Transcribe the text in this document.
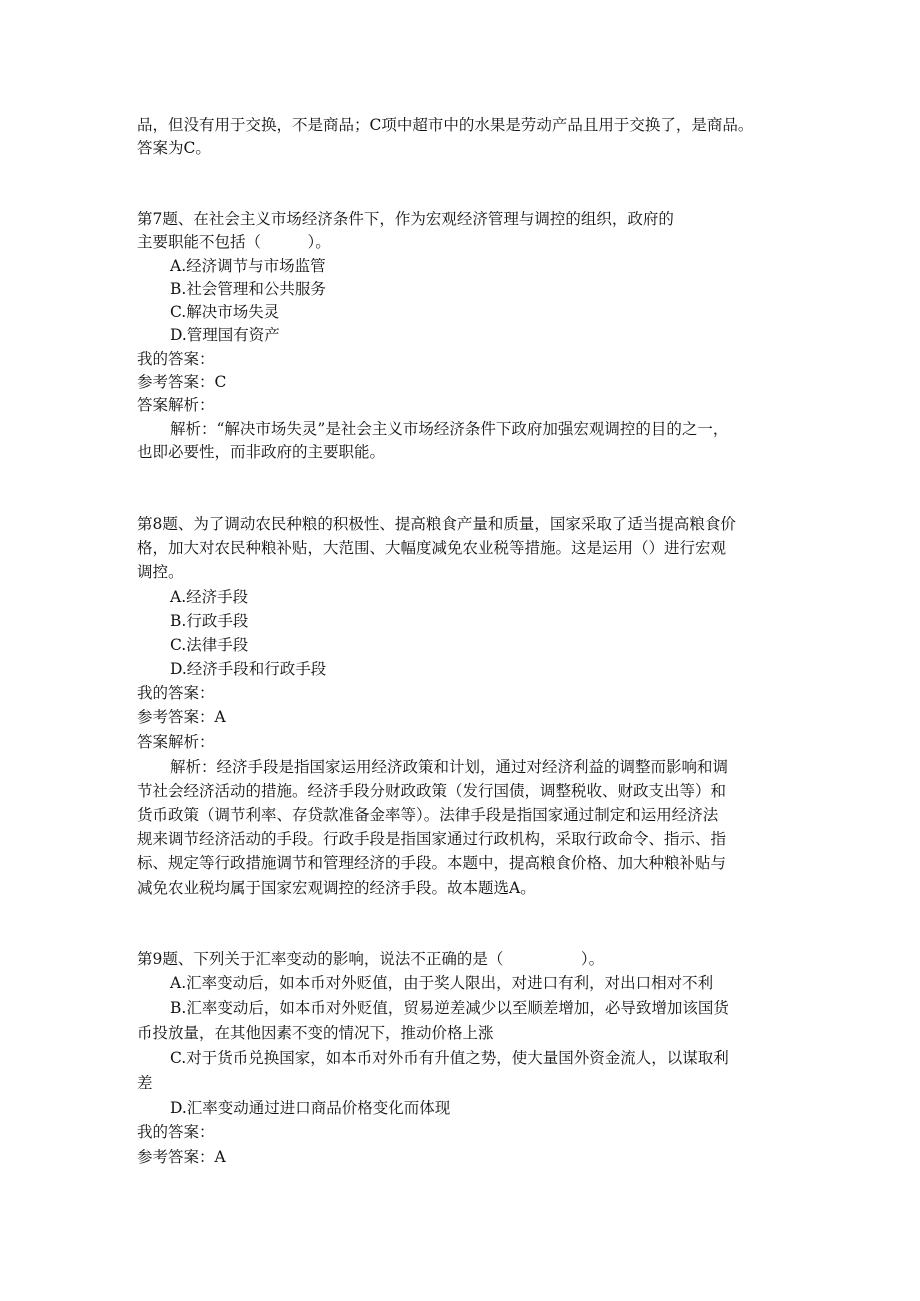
品，但没有用于交换，不是商品；C项中超市中的水果是劳动产品且用于交换了，是商品。
答案为C。
第7题、在社会主义市场经济条件下，作为宏观经济管理与调控的组织，政府的
主要职能不包括（　　　）。
A.经济调节与市场监管
B.社会管理和公共服务
C.解决市场失灵
D.管理国有资产
我的答案：
参考答案：C
答案解析：
解析：“解决市场失灵”是社会主义市场经济条件下政府加强宏观调控的目的之一，
也即必要性，而非政府的主要职能。
第8题、为了调动农民种粮的积极性、提高粮食产量和质量，国家采取了适当提高粮食价
格，加大对农民种粮补贴，大范围、大幅度减免农业税等措施。这是运用（）进行宏观
调控。
A.经济手段
B.行政手段
C.法律手段
D.经济手段和行政手段
我的答案：
参考答案：A
答案解析：
解析：经济手段是指国家运用经济政策和计划，通过对经济利益的调整而影响和调
节社会经济活动的措施。经济手段分财政政策（发行国债，调整税收、财政支出等）和
货币政策（调节利率、存贷款准备金率等）。法律手段是指国家通过制定和运用经济法
规来调节经济活动的手段。行政手段是指国家通过行政机构，采取行政命令、指示、指
标、规定等行政措施调节和管理经济的手段。本题中，提高粮食价格、加大种粮补贴与
减免农业税均属于国家宏观调控的经济手段。故本题选A。
第9题、下列关于汇率变动的影响，说法不正确的是（　　　　　）。
A.汇率变动后，如本币对外贬值，由于奖人限出，对进口有利，对出口相对不利
B.汇率变动后，如本币对外贬值，贸易逆差减少以至顺差增加，必导致增加该国货
币投放量，在其他因素不变的情况下，推动价格上涨
C.对于货币兑换国家，如本币对外币有升值之势，使大量国外资金流人，以谋取利
差
D.汇率变动通过进口商品价格变化而体现
我的答案：
参考答案：A
